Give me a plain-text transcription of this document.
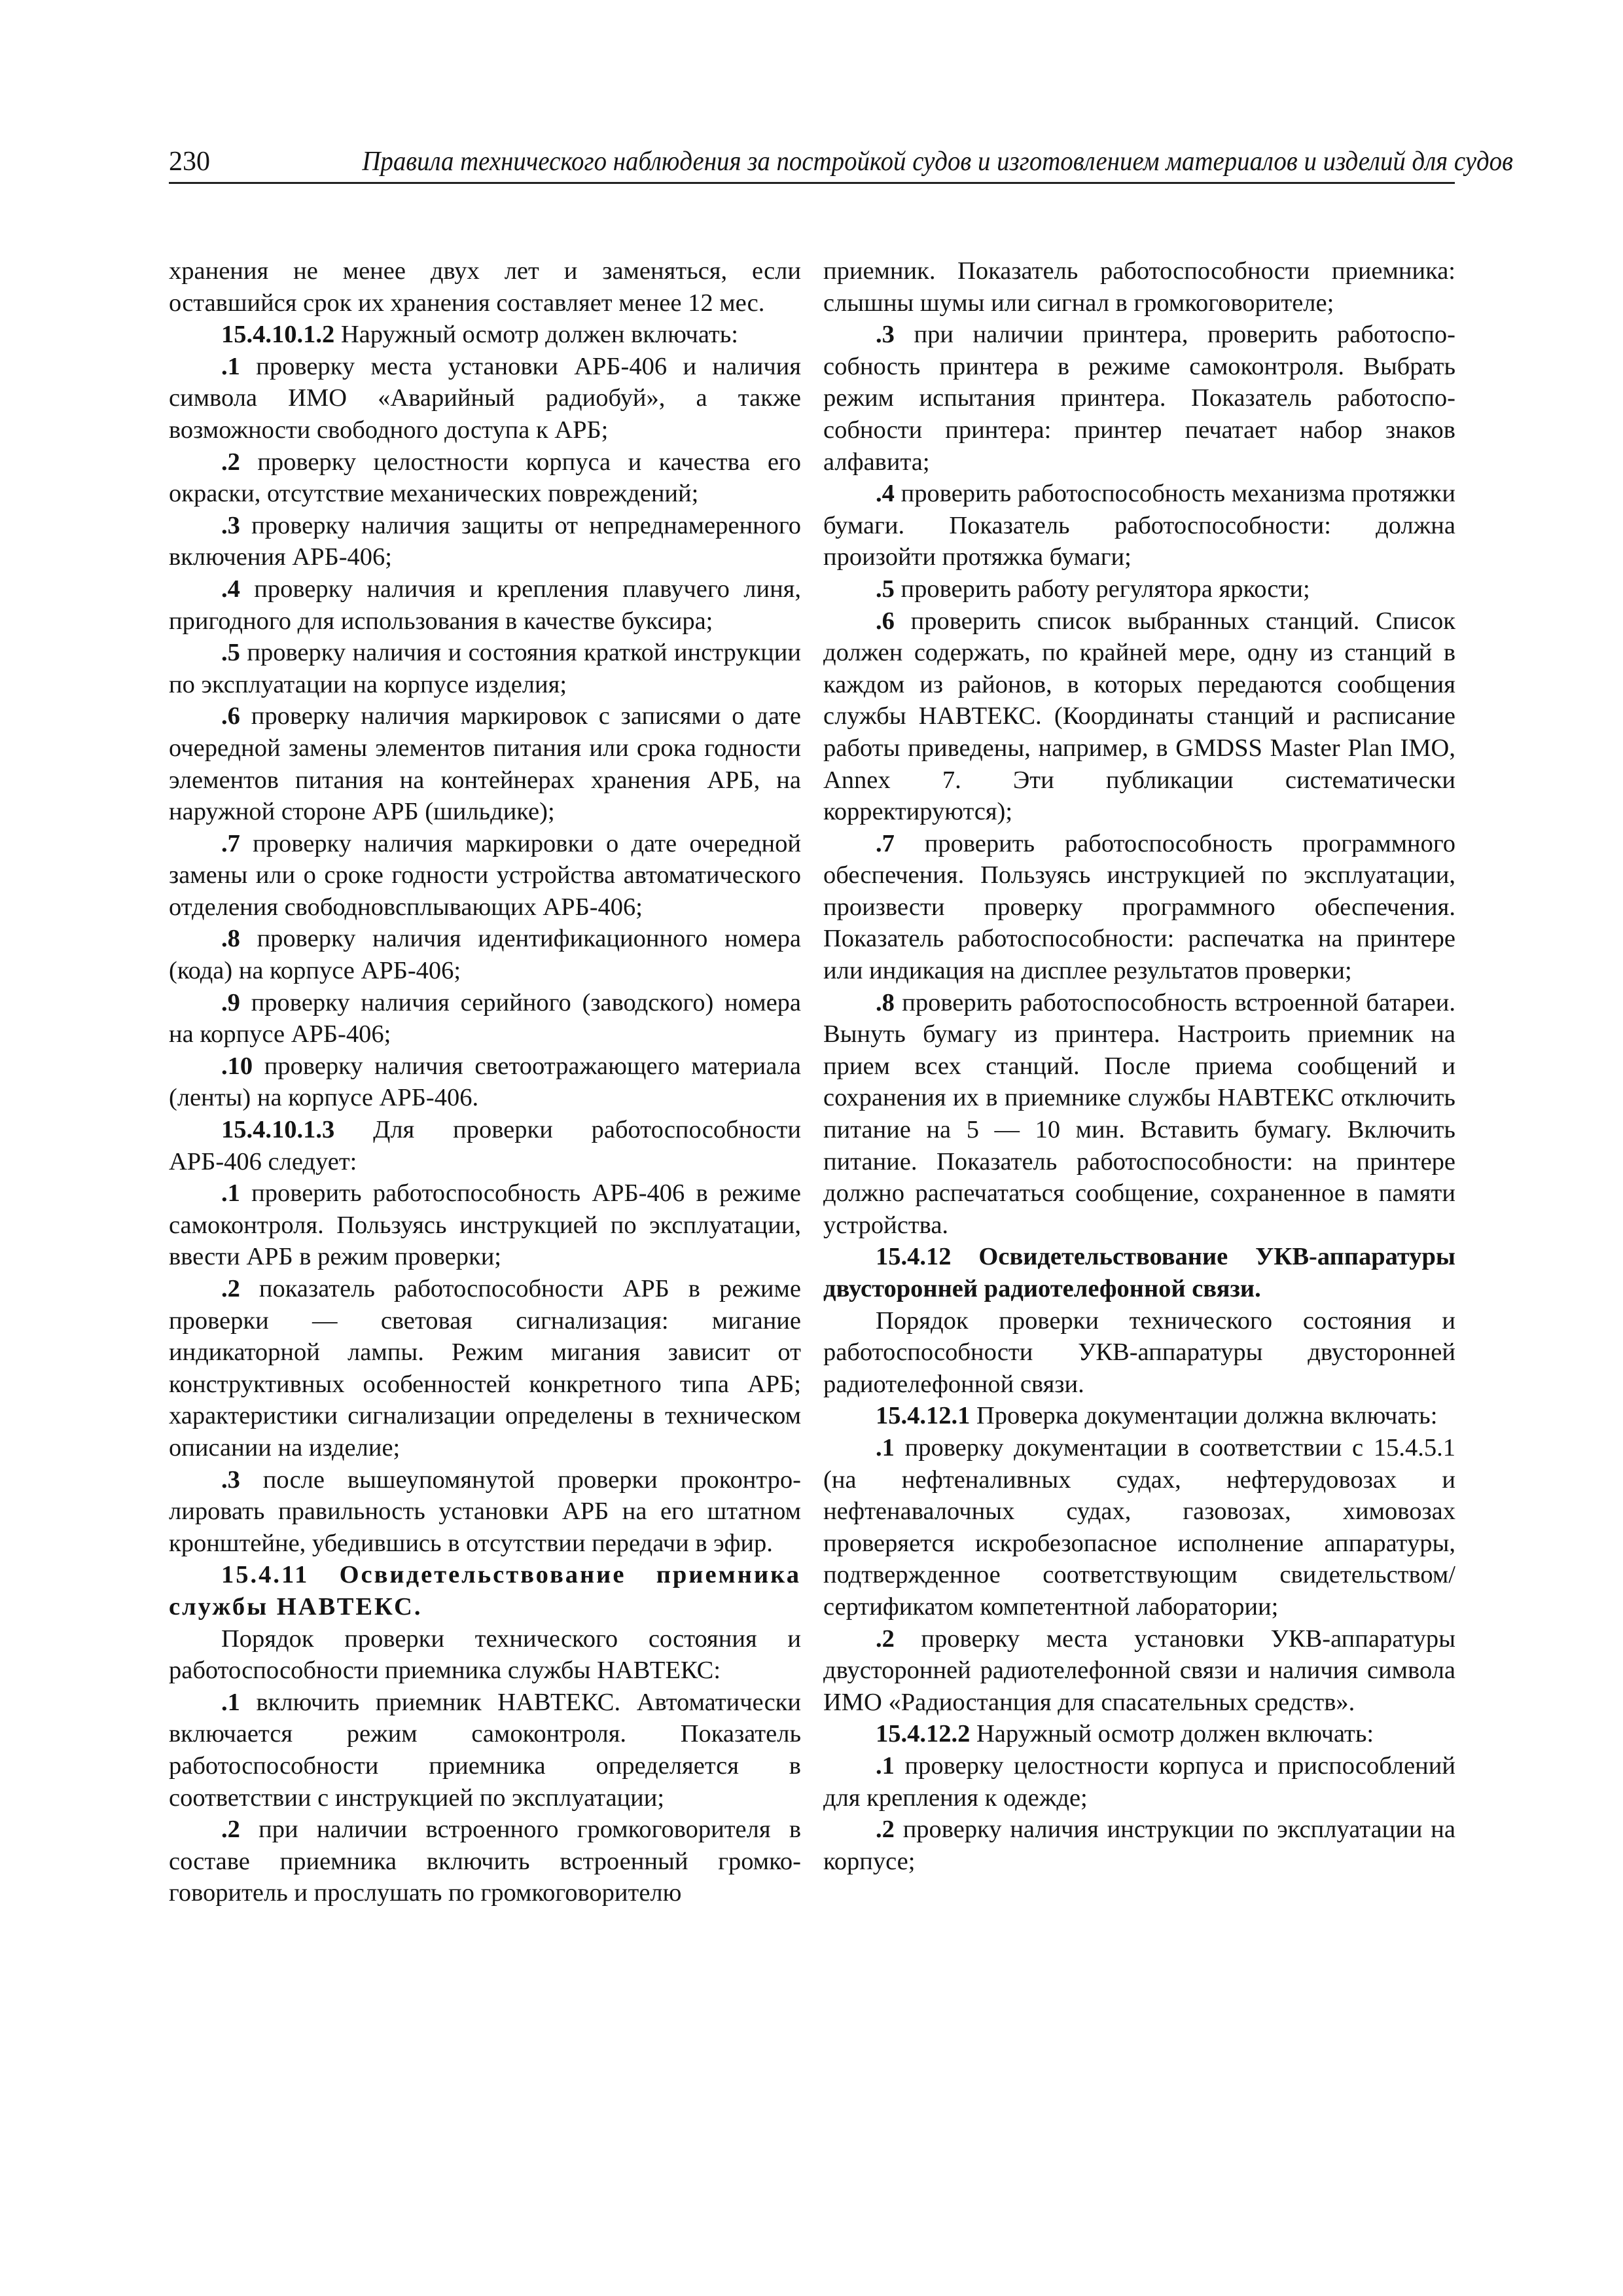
230	Правила технического наблюдения за постройкой судов и изготовлением материалов и изделий для судов

хранения не менее двух лет и заменяться, если оставшийся срок их хранения составляет менее 12 мес.

15.4.10.1.2 Наружный осмотр должен включать:

.1 проверку места установки АРБ-406 и наличия символа ИМО «Аварийный радиобуй», а также возможности свободного доступа к АРБ;

.2 проверку целостности корпуса и качества его окраски, отсутствие механических повреждений;

.3 проверку наличия защиты от непреднамеренного включения АРБ-406;

.4 проверку наличия и крепления плавучего линя, пригодного для использования в качестве буксира;

.5 проверку наличия и состояния краткой инструкции по эксплуатации на корпусе изделия;

.6 проверку наличия маркировок с записями о дате очередной замены элементов питания или срока годности элементов питания на контейнерах хранения АРБ, на наружной стороне АРБ (шильдике);

.7 проверку наличия маркировки о дате очередной замены или о сроке годности устройства автоматического отделения свободновсплывающих АРБ-406;

.8 проверку наличия идентификационного номера (кода) на корпусе АРБ-406;

.9 проверку наличия серийного (заводского) номера на корпусе АРБ-406;

.10 проверку наличия светоотражающего материала (ленты) на корпусе АРБ-406.

15.4.10.1.3 Для проверки работоспособности АРБ-406 следует:

.1 проверить работоспособность АРБ-406 в режиме самоконтроля. Пользуясь инструкцией по эксплуатации, ввести АРБ в режим проверки;

.2 показатель работоспособности АРБ в режиме проверки — световая сигнализация: мигание индикаторной лампы. Режим мигания зависит от конструктивных особенностей конкретного типа АРБ; характеристики сигнализации определены в техническом описании на изделие;

.3 после вышеупомянутой проверки проконтролировать правильность установки АРБ на его штатном кронштейне, убедившись в отсутствии передачи в эфир.

15.4.11 Освидетельствование приемника службы НАВТЕКС.

Порядок проверки технического состояния и работоспособности приемника службы НАВТЕКС:

.1 включить приемник НАВТЕКС. Автоматически включается режим самоконтроля. Показатель работоспособности приемника определяется в соответствии с инструкцией по эксплуатации;

.2 при наличии встроенного громкоговорителя в составе приемника включить встроенный громкоговоритель и прослушать по громкоговорителю

приемник. Показатель работоспособности приемника: слышны шумы или сигнал в громкоговорителе;

.3 при наличии принтера, проверить работоспособность принтера в режиме самоконтроля. Выбрать режим испытания принтера. Показатель работоспособности принтера: принтер печатает набор знаков алфавита;

.4 проверить работоспособность механизма протяжки бумаги. Показатель работоспособности: должна произойти протяжка бумаги;

.5 проверить работу регулятора яркости;

.6 проверить список выбранных станций. Список должен содержать, по крайней мере, одну из станций в каждом из районов, в которых передаются сообщения службы НАВТЕКС. (Координаты станций и расписание работы приведены, например, в GMDSS Master Plan IMO, Annex 7. Эти публикации систематически корректируются);

.7 проверить работоспособность программного обеспечения. Пользуясь инструкцией по эксплуатации, произвести проверку программного обеспечения. Показатель работоспособности: распечатка на принтере или индикация на дисплее результатов проверки;

.8 проверить работоспособность встроенной батареи. Вынуть бумагу из принтера. Настроить приемник на прием всех станций. После приема сообщений и сохранения их в приемнике службы НАВТЕКС отключить питание на 5 — 10 мин. Вставить бумагу. Включить питание. Показатель работоспособности: на принтере должно распечататься сообщение, сохраненное в памяти устройства.

15.4.12 Освидетельствование УКВ-аппаратуры двусторонней радиотелефонной связи.

Порядок проверки технического состояния и работоспособности УКВ-аппаратуры двусторонней радиотелефонной связи.

15.4.12.1 Проверка документации должна включать:

.1 проверку документации в соответствии с 15.4.5.1 (на нефтеналивных судах, нефтерудовозах и нефтенавалочных судах, газовозах, химовозах проверяется искробезопасное исполнение аппаратуры, подтвержденное соответствующим свидетельством/сертификатом компетентной лаборатории;

.2 проверку места установки УКВ-аппаратуры двусторонней радиотелефонной связи и наличия символа ИМО «Радиостанция для спасательных средств».

15.4.12.2 Наружный осмотр должен включать:

.1 проверку целостности корпуса и приспособлений для крепления к одежде;

.2 проверку наличия инструкции по эксплуатации на корпусе;
